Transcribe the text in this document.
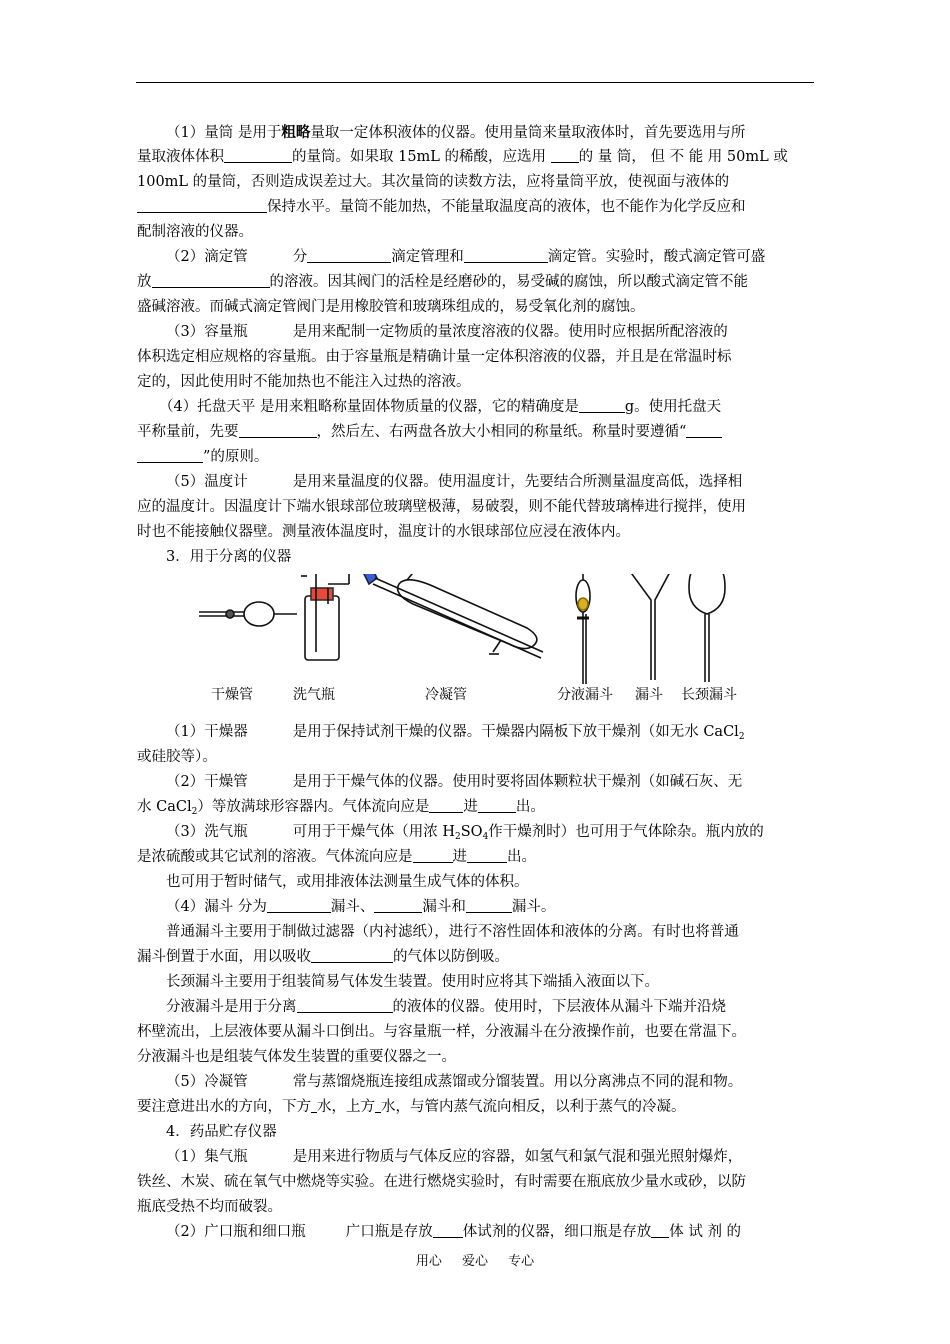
（1）量筒 是用于粗略量取一定体积液体的仪器。使用量筒来量取液体时，首先要选用与所
量取液体体积	的量筒。如果取 15mL 的稀酸，应选用 的 量 筒， 但 不 能 用 50mL 或
100mL 的量筒，否则造成误差过大。其次量筒的读数方法，应将量筒平放，使视面与液体的
保持水平。量筒不能加热，不能量取温度高的液体，也不能作为化学反应和
配制溶液的仪器。
（2）滴定管	分	滴定管理和	滴定管。实验时，酸式滴定管可盛
放	的溶液。因其阀门的活栓是经磨砂的，易受碱的腐蚀，所以酸式滴定管不能
盛碱溶液。而碱式滴定管阀门是用橡胶管和玻璃珠组成的，易受氧化剂的腐蚀。
（3）容量瓶	是用来配制一定物质的量浓度溶液的仪器。使用时应根据所配溶液的
体积选定相应规格的容量瓶。由于容量瓶是精确计量一定体积溶液的仪器，并且是在常温时标
定的，因此使用时不能加热也不能注入过热的溶液。
（4）托盘天平 是用来粗略称量固体物质量的仪器，它的精确度是	g。使用托盘天
平称量前，先要	，然后左、右两盘各放大小相同的称量纸。称量时要遵循“
”的原则。
（5）温度计	是用来量温度的仪器。使用温度计，先要结合所测量温度高低，选择相
应的温度计。因温度计下端水银球部位玻璃壁极薄，易破裂，则不能代替玻璃棒进行搅拌，使用
时也不能接触仪器壁。测量液体温度时，温度计的水银球部位应浸在液体内。
3．用于分离的仪器
干燥管	洗气瓶	冷凝管	分液漏斗 漏斗 长颈漏斗
（1）干燥器	是用于保持试剂干燥的仪器。干燥器内隔板下放干燥剂（如无水 CaCl$_2$
或硅胶等）。
（2）干燥管	是用于干燥气体的仪器。使用时要将固体颗粒状干燥剂（如碱石灰、无
水 CaCl$_2$）等放满球形容器内。气体流向应是 进	出。
（3）洗气瓶	可用于干燥气体（用浓 $H_2SO_4$作干燥剂时）也可用于气体除杂。瓶内放的
是浓硫酸或其它试剂的溶液。气体流向应是	进	出。
也可用于暂时储气，或用排液体法测量生成气体的体积。
（4）漏斗 分为	漏斗、	漏斗和	漏斗。
普通漏斗主要用于制做过滤器（内衬滤纸），进行不溶性固体和液体的分离。有时也将普通
漏斗倒置于水面，用以吸收	的气体以防倒吸。
长颈漏斗主要用于组装简易气体发生装置。使用时应将其下端插入液面以下。
分液漏斗是用于分离	的液体的仪器。使用时，下层液体从漏斗下端并沿烧
杯壁流出，上层液体要从漏斗口倒出。与容量瓶一样，分液漏斗在分液操作前，也要在常温下。
分液漏斗也是组装气体发生装置的重要仪器之一。
（5）冷凝管	常与蒸馏烧瓶连接组成蒸馏或分馏装置。用以分离沸点不同的混和物。
要注意进出水的方向，下方 水，上方 水，与管内蒸气流向相反，以利于蒸气的冷凝。
4．药品贮存仪器
（1）集气瓶	是用来进行物质与气体反应的容器，如氢气和氯气混和强光照射爆炸，
铁丝、木炭、硫在氧气中燃烧等实验。在进行燃烧实验时，有时需要在瓶底放少量水或砂，以防
瓶底受热不均而破裂。
（2）广口瓶和细口瓶	广口瓶是存放 体试剂的仪器，细口瓶是存放 体 试 剂 的
用心 爱心 专心
